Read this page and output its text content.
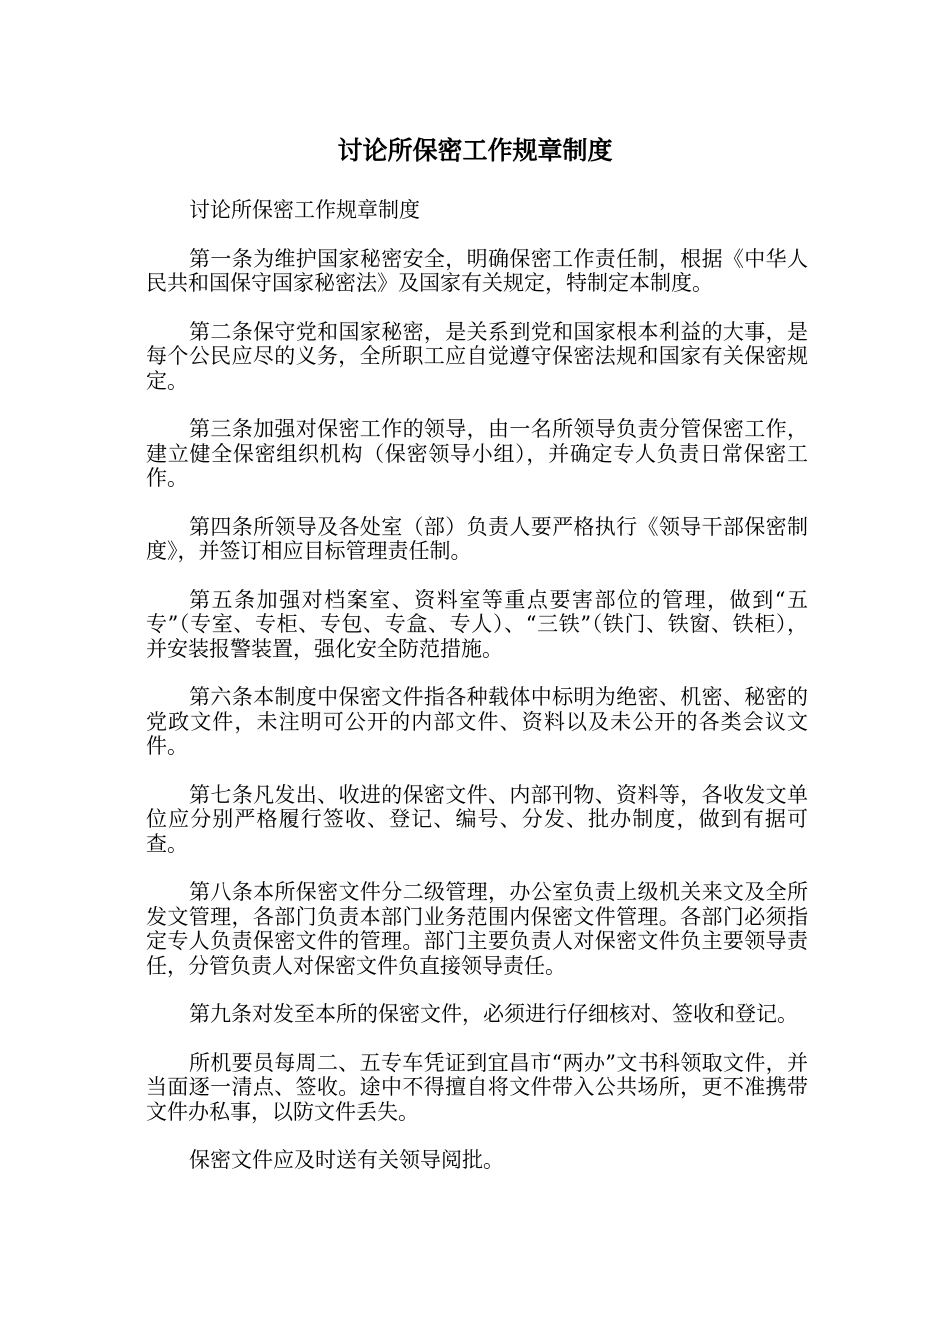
讨论所保密工作规章制度

讨论所保密工作规章制度

第一条为维护国家秘密安全，明确保密工作责任制，根据《中华人民共和国保守国家秘密法》及国家有关规定，特制定本制度。

第二条保守党和国家秘密，是关系到党和国家根本利益的大事，是每个公民应尽的义务，全所职工应自觉遵守保密法规和国家有关保密规定。

第三条加强对保密工作的领导，由一名所领导负责分管保密工作，建立健全保密组织机构（保密领导小组），并确定专人负责日常保密工作。

第四条所领导及各处室（部）负责人要严格执行《领导干部保密制度》，并签订相应目标管理责任制。

第五条加强对档案室、资料室等重点要害部位的管理，做到“五专”（专室、专柜、专包、专盒、专人）、“三铁”（铁门、铁窗、铁柜），并安装报警装置，强化安全防范措施。

第六条本制度中保密文件指各种载体中标明为绝密、机密、秘密的党政文件，未注明可公开的内部文件、资料以及未公开的各类会议文件。

第七条凡发出、收进的保密文件、内部刊物、资料等，各收发文单位应分别严格履行签收、登记、编号、分发、批办制度，做到有据可查。

第八条本所保密文件分二级管理，办公室负责上级机关来文及全所发文管理，各部门负责本部门业务范围内保密文件管理。各部门必须指定专人负责保密文件的管理。部门主要负责人对保密文件负主要领导责任，分管负责人对保密文件负直接领导责任。

第九条对发至本所的保密文件，必须进行仔细核对、签收和登记。

所机要员每周二、五专车凭证到宜昌市“两办”文书科领取文件，并当面逐一清点、签收。途中不得擅自将文件带入公共场所，更不准携带文件办私事，以防文件丢失。

保密文件应及时送有关领导阅批。
